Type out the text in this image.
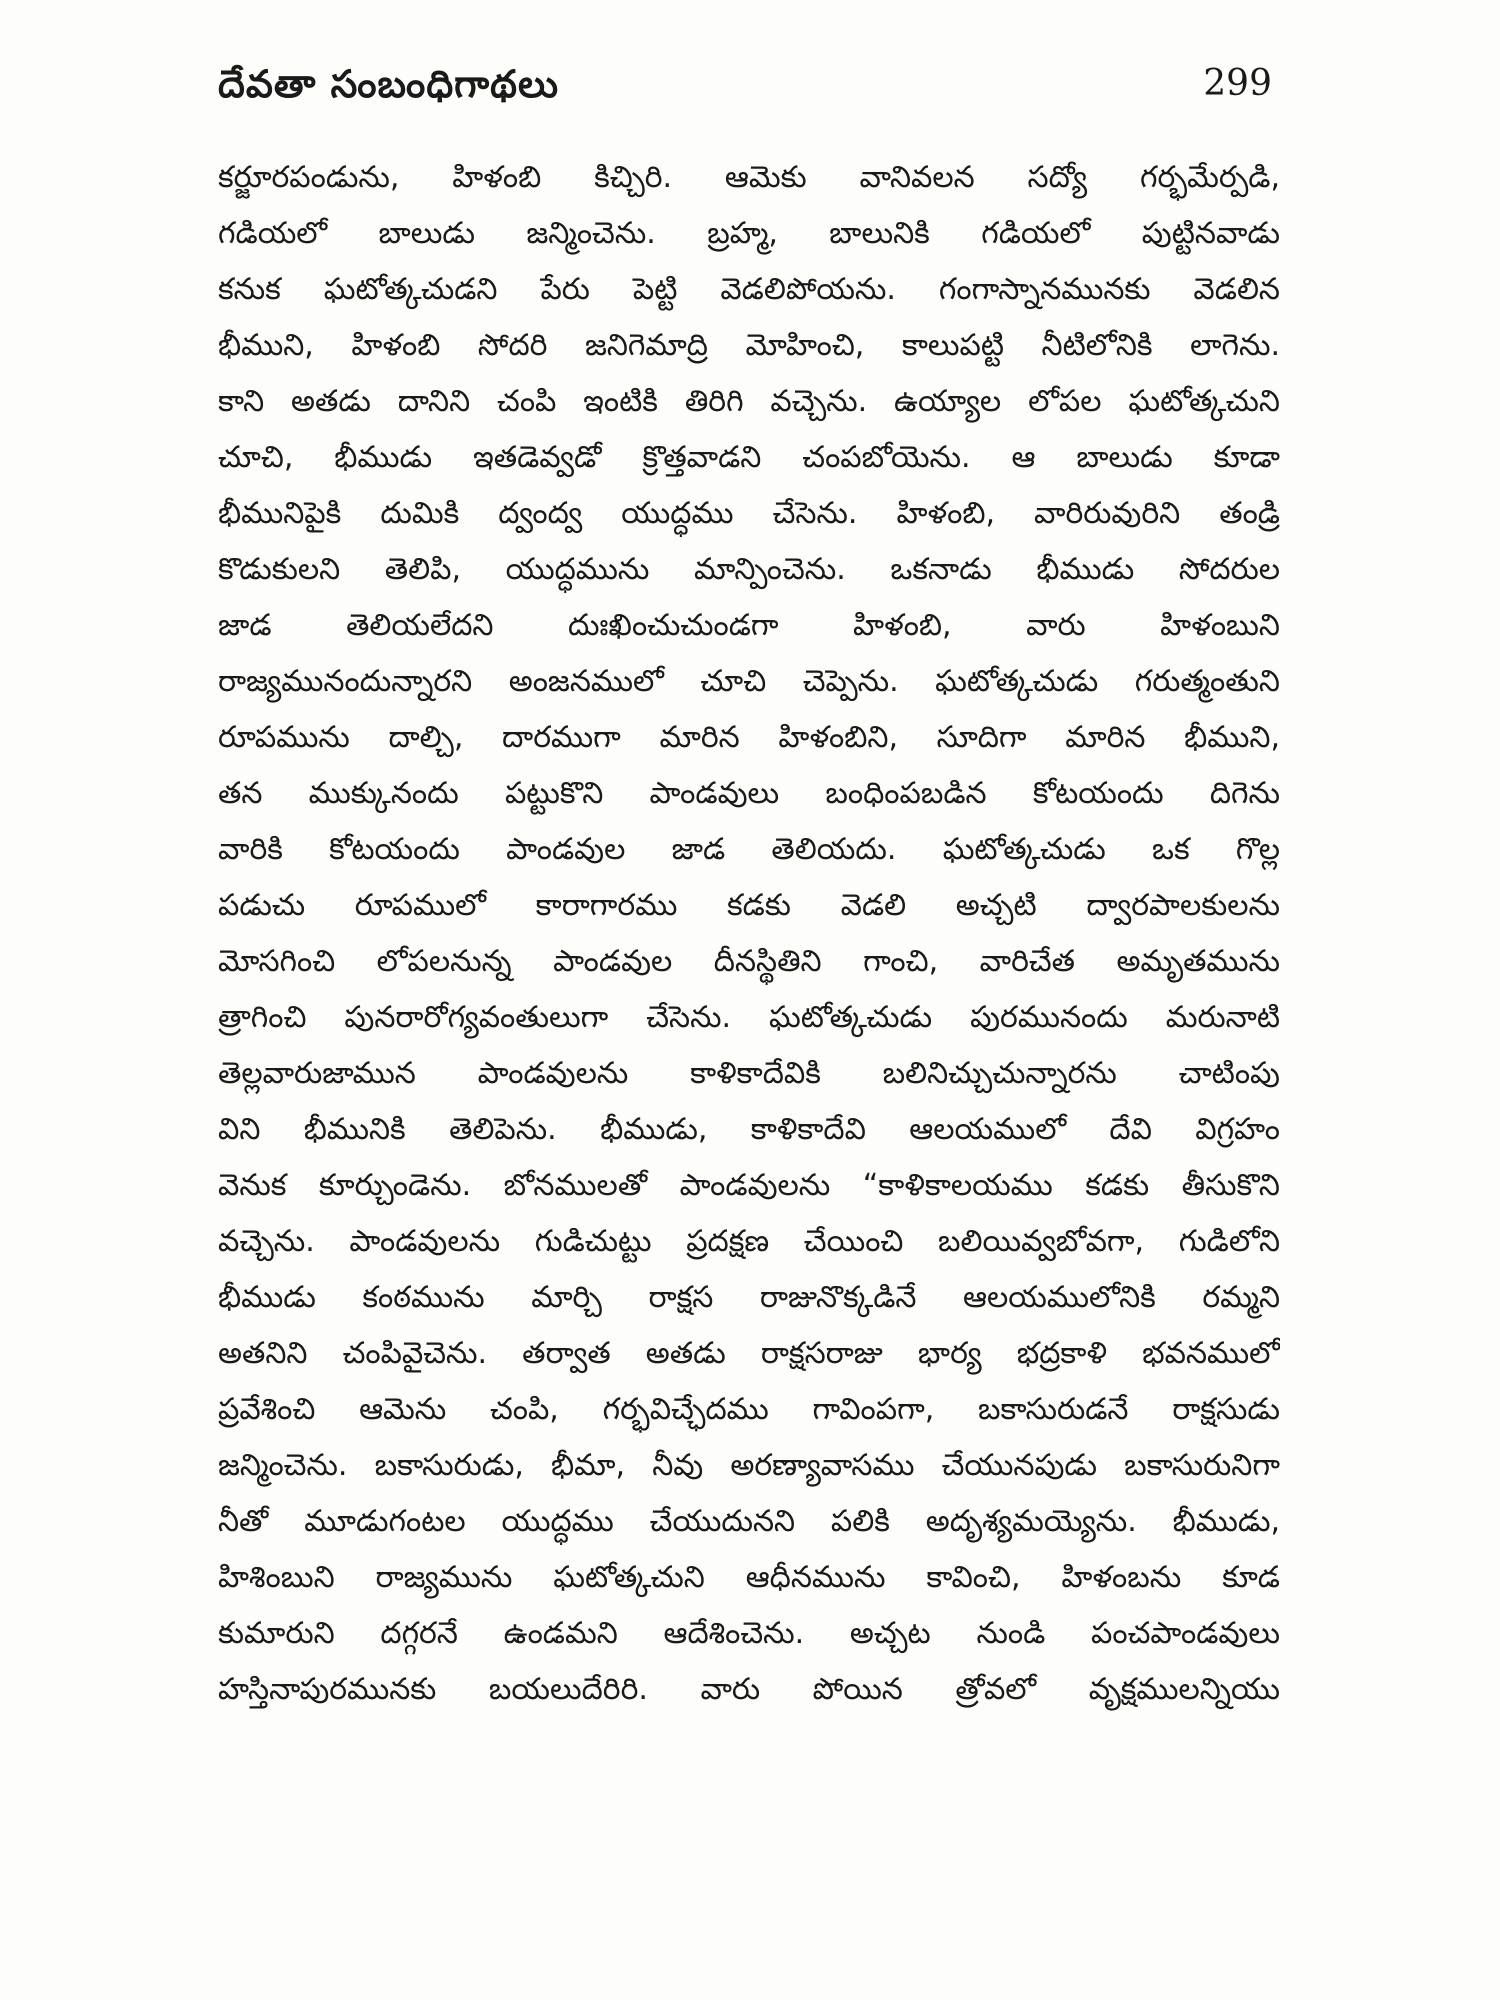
దేవతా సంబంధిగాథలు	299
కర్జూరపండును, హిళంబి కిచ్చిరి. ఆమెకు వానివలన సద్యో గర్భమేర్పడి,
గడియలో బాలుడు జన్మించెను. బ్రహ్మ, బాలునికి గడియలో పుట్టినవాడు
కనుక ఘటోత్కచుడని పేరు పెట్టి వెడలిపోయను. గంగాస్నానమునకు వెడలిన
భీముని, హిళంబి సోదరి జనిగెమాద్రి మోహించి, కాలుపట్టి నీటిలోనికి లాగెను.
కాని అతడు దానిని చంపి ఇంటికి తిరిగి వచ్చెను. ఉయ్యాల లోపల ఘటోత్కచుని
చూచి, భీముడు ఇతడెవ్వడో క్రొత్తవాడని చంపబోయెను. ఆ బాలుడు కూడా
భీమునిపైకి దుమికి ద్వంద్వ యుద్ధము చేసెను. హిళంబి, వారిరువురిని తండ్రి
కొడుకులని తెలిపి, యుద్ధమును మాన్పించెను. ఒకనాడు భీముడు సోదరుల
జాడ తెలియలేదని దుఃఖించుచుండగా హిళంబి, వారు హిళంబుని
రాజ్యమునందున్నారని అంజనములో చూచి చెప్పెను. ఘటోత్కచుడు గరుత్మంతుని
రూపమును దాల్చి, దారముగా మారిన హిళంబిని, సూదిగా మారిన భీముని,
తన ముక్కునందు పట్టుకొని పాండవులు బంధింపబడిన కోటయందు దిగెను
వారికి కోటయందు పాండవుల జాడ తెలియదు. ఘటోత్కచుడు ఒక గొల్ల
పడుచు రూపములో కారాగారము కడకు వెడలి అచ్చటి ద్వారపాలకులను
మోసగించి లోపలనున్న పాండవుల దీనస్థితిని గాంచి, వారిచేత అమృతమును
త్రాగించి పునరారోగ్యవంతులుగా చేసెను. ఘటోత్కచుడు పురమునందు మరునాటి
తెల్లవారుజామున పాండవులను కాళికాదేవికి బలినిచ్చుచున్నారను చాటింపు
విని భీమునికి తెలిపెను. భీముడు, కాళికాదేవి ఆలయములో దేవి విగ్రహం
వెనుక కూర్చుండెను. బోనములతో పాండవులను “కాళికాలయము కడకు తీసుకొని
వచ్చెను. పాండవులను గుడిచుట్టు ప్రదక్షణ చేయించి బలియివ్వబోవగా, గుడిలోని
భీముడు కంఠమును మార్చి రాక్షస రాజునొక్కడినే ఆలయములోనికి రమ్మని
అతనిని చంపివైచెను. తర్వాత అతడు రాక్షసరాజు భార్య భద్రకాళి భవనములో
ప్రవేశించి ఆమెను చంపి, గర్భవిచ్ఛేదము గావింపగా, బకాసురుడనే రాక్షసుడు
జన్మించెను. బకాసురుడు, భీమా, నీవు అరణ్యావాసము చేయునపుడు బకాసురునిగా
నీతో మూడుగంటల యుద్ధము చేయుదునని పలికి అదృశ్యమయ్యెను. భీముడు,
హిశింబుని రాజ్యమును ఘటోత్కచుని ఆధీనమును కావించి, హిళంబను కూడ
కుమారుని దగ్గరనే ఉండమని ఆదేశించెను. అచ్చట నుండి పంచపాండవులు
హస్తినాపురమునకు బయలుదేరిరి. వారు పోయిన త్రోవలో వృక్షములన్నియు
